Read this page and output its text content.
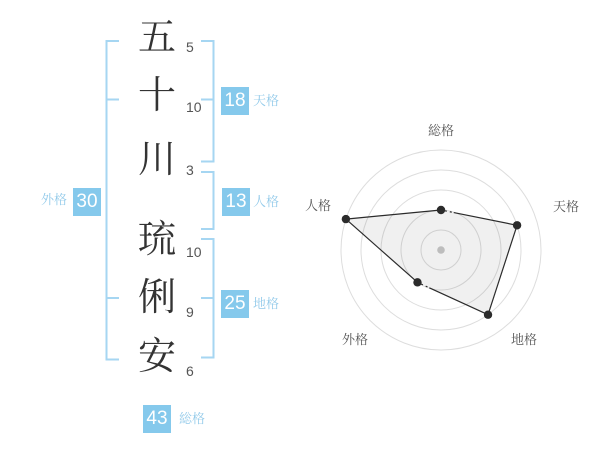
五
十
川
琉
俐
安
5
10
3
10
9
6
18 天格
13 人格
25 地格
30
外格
43 総格
総格
天格
地格
外格
人格
